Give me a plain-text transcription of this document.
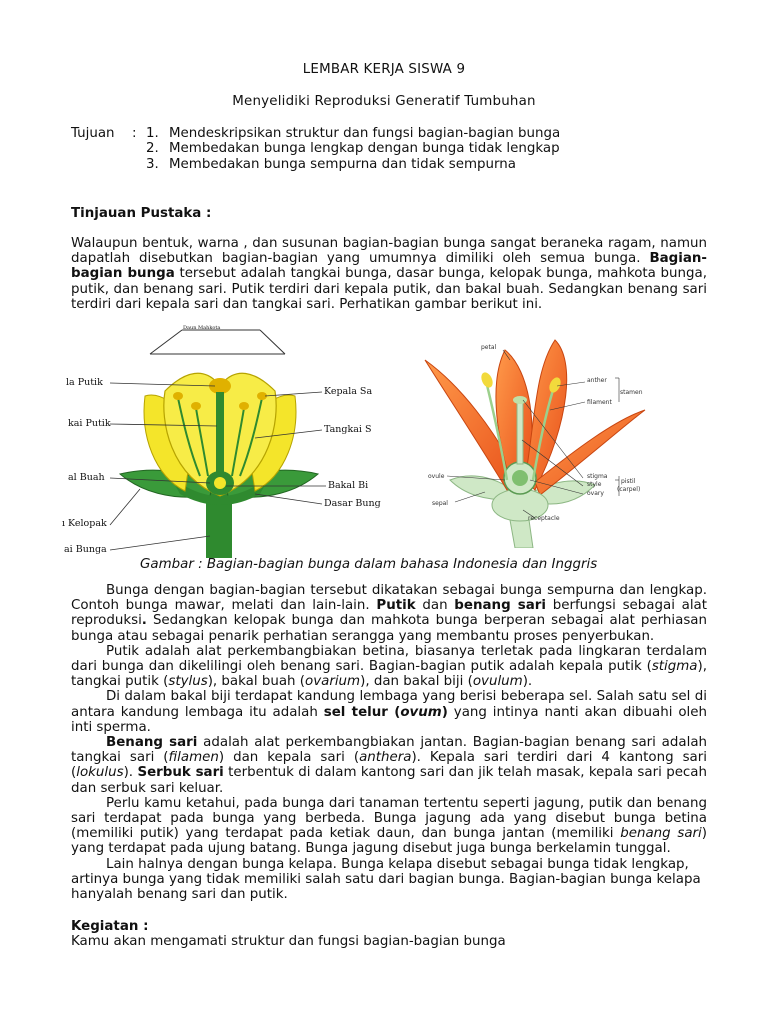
LEMBAR KERJA SISWA 9
Menyelidiki Reproduksi Generatif Tumbuhan
Tujuan : 1. Mendeskripsikan struktur dan fungsi bagian-bagian bunga
2. Membedakan bunga lengkap dengan bunga tidak lengkap
3. Membedakan bunga sempurna dan tidak sempurna
Tinjauan Pustaka :

Walaupun bentuk, warna , dan susunan bagian-bagian bunga sangat beraneka ragam, namun dapatlah disebutkan bagian-bagian yang umumnya dimiliki oleh semua bunga. Bagian-bagian bunga tersebut adalah tangkai bunga, dasar bunga, kelopak bunga, mahkota bunga, putik, dan benang sari. Putik terdiri dari kepala putik, dan bakal buah. Sedangkan benang sari terdiri dari kepala sari dan tangkai sari. Perhatikan gambar berikut ini.

Daun Mahkota
la Putik
kai Putik
al Buah
ı Kelopak
ai Bunga
Kepala Sa
Tangkai S
Bakal Bi
Dasar Bung
petal
anther
stamen
filament
stigma
style	pistil
(carpel)
ovary
ovule
sepal
receptacle
Gambar : Bagian-bagian bunga dalam bahasa Indonesia dan Inggris

Bunga dengan bagian-bagian tersebut dikatakan sebagai bunga sempurna dan lengkap. Contoh bunga mawar, melati dan lain-lain. Putik dan benang sari berfungsi sebagai alat reproduksi. Sedangkan kelopak bunga dan mahkota bunga berperan sebagai alat perhiasan bunga atau sebagai penarik perhatian serangga yang membantu proses penyerbukan.

Putik adalah alat perkembangbiakan betina, biasanya terletak pada lingkaran terdalam dari bunga dan dikelilingi oleh benang sari. Bagian-bagian putik adalah kepala putik (stigma), tangkai putik (stylus), bakal buah (ovarium), dan bakal biji (ovulum).

Di dalam bakal biji terdapat kandung lembaga yang berisi beberapa sel. Salah satu sel di antara kandung lembaga itu adalah sel telur (ovum) yang intinya nanti akan dibuahi oleh inti sperma.

Benang sari adalah alat perkembangbiakan jantan. Bagian-bagian benang sari adalah tangkai sari (filamen) dan kepala sari (anthera). Kepala sari terdiri dari 4 kantong sari (lokulus). Serbuk sari terbentuk di dalam kantong sari dan jik telah masak, kepala sari pecah dan serbuk sari keluar.

Perlu kamu ketahui, pada bunga dari tanaman tertentu seperti jagung, putik dan benang sari terdapat pada bunga yang berbeda. Bunga jagung ada yang disebut bunga betina (memiliki putik) yang terdapat pada ketiak daun, dan bunga jantan (memiliki benang sari) yang terdapat pada ujung batang. Bunga jagung disebut juga bunga berkelamin tunggal.

Lain halnya dengan bunga kelapa. Bunga kelapa disebut sebagai bunga tidak lengkap, artinya bunga yang tidak memiliki salah satu dari bagian bunga. Bagian-bagian bunga kelapa hanyalah benang sari dan putik.

Kegiatan :
Kamu akan mengamati struktur dan fungsi bagian-bagian bunga
